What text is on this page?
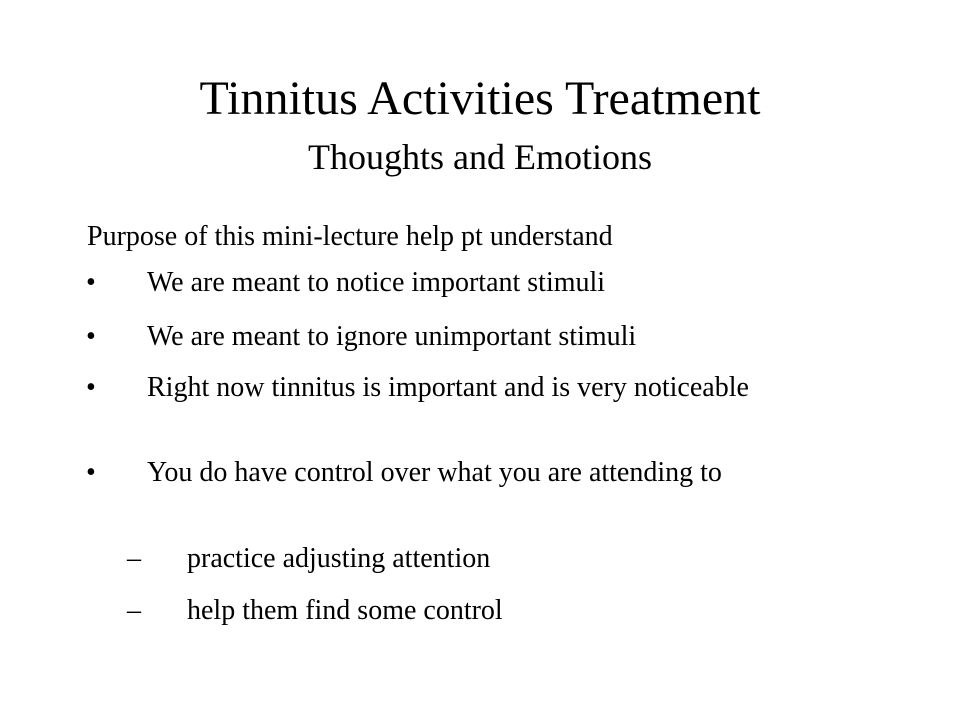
Tinnitus Activities Treatment
Thoughts and Emotions
Purpose of this mini-lecture help pt understand
• We are meant to notice important stimuli
• We are meant to ignore unimportant stimuli
• Right now tinnitus is important and is very noticeable
• You do have control over what you are attending to
– practice adjusting attention
– help them find some control
